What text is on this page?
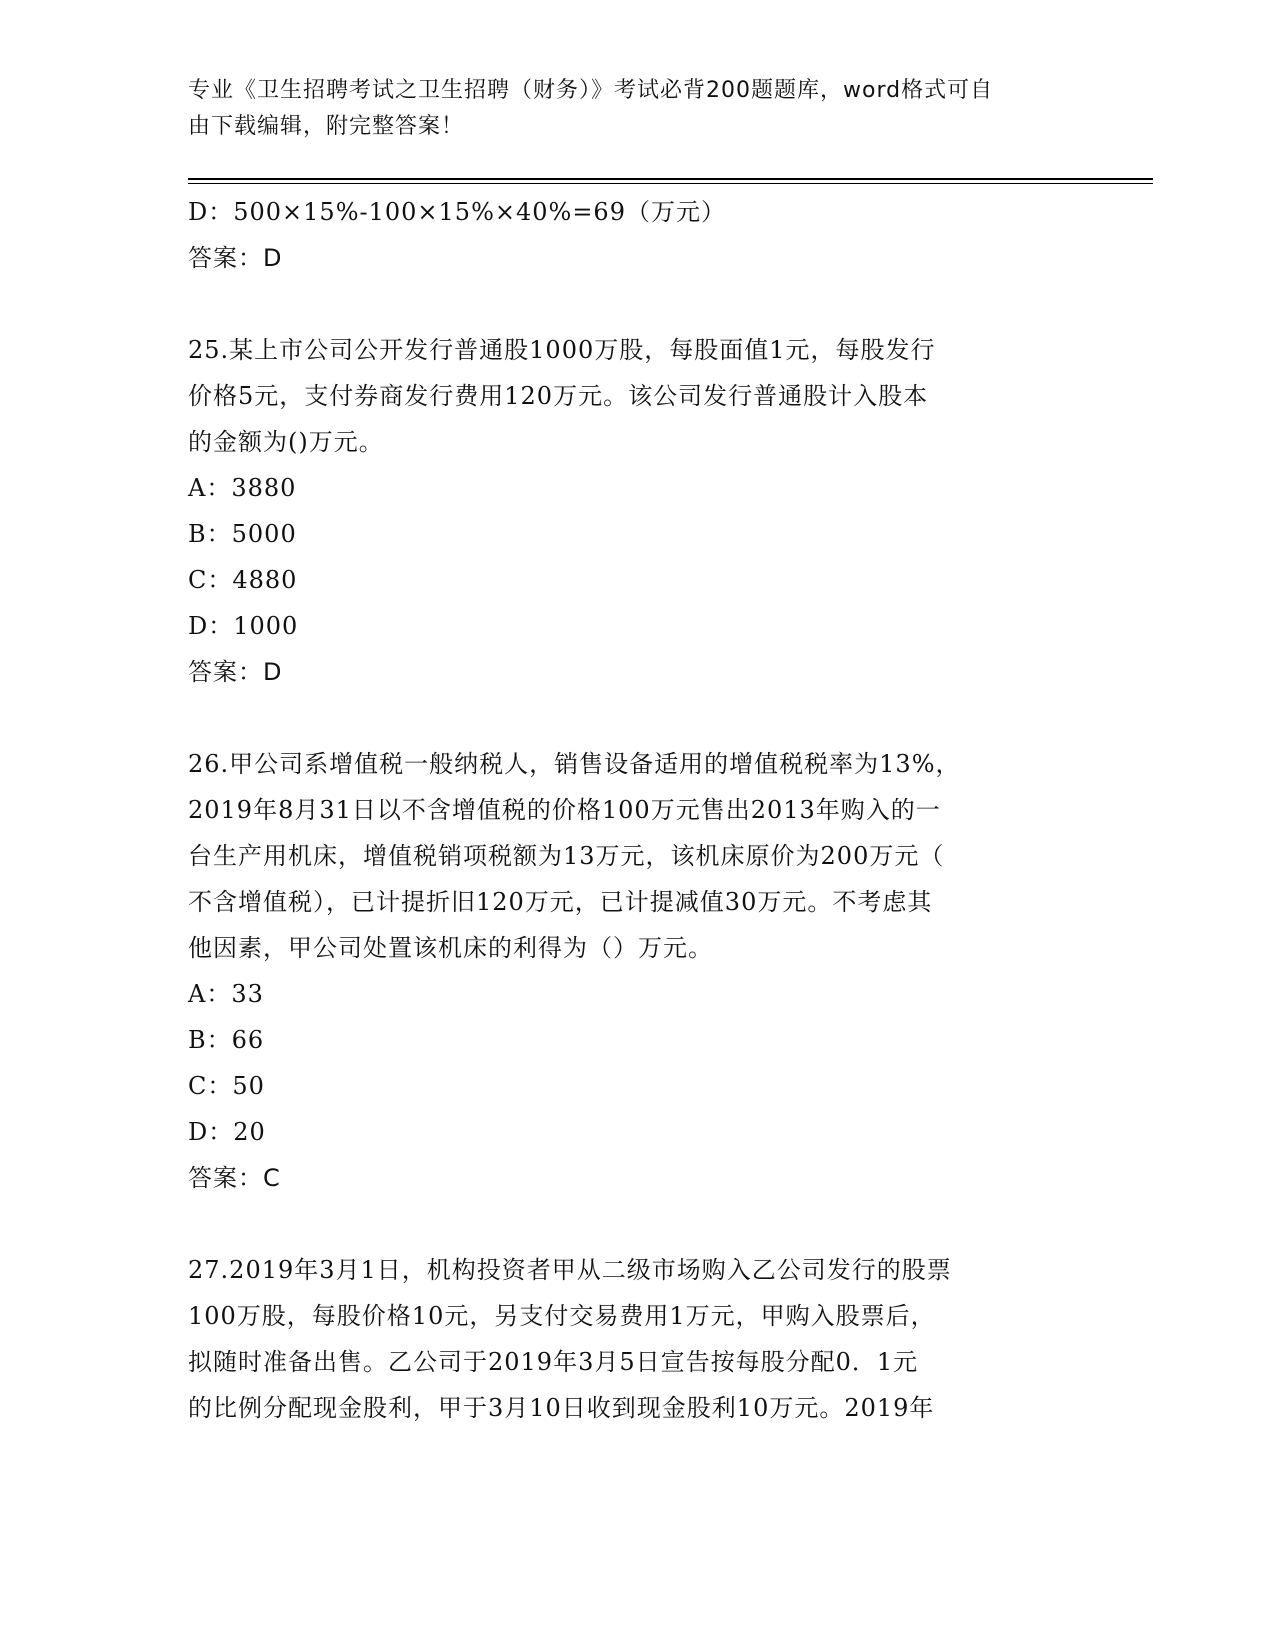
专业《卫生招聘考试之卫生招聘（财务）》考试必背200题题库，word格式可自
由下载编辑，附完整答案！
D：500×15%-100×15%×40%=69（万元）
答案：D
25.某上市公司公开发行普通股1000万股，每股面值1元，每股发行
价格5元，支付券商发行费用120万元。该公司发行普通股计入股本
的金额为()万元。
A：3880
B：5000
C：4880
D：1000
答案：D
26.甲公司系增值税一般纳税人，销售设备适用的增值税税率为13%，
2019年8月31日以不含增值税的价格100万元售出2013年购入的一
台生产用机床，增值税销项税额为13万元，该机床原价为200万元（
不含增值税），已计提折旧120万元，已计提减值30万元。不考虑其
他因素，甲公司处置该机床的利得为（）万元。
A：33
B：66
C：50
D：20
答案：C
27.2019年3月1日，机构投资者甲从二级市场购入乙公司发行的股票
100万股，每股价格10元，另支付交易费用1万元，甲购入股票后，
拟随时准备出售。乙公司于2019年3月5日宣告按每股分配0．1元
的比例分配现金股利，甲于3月10日收到现金股利10万元。2019年
